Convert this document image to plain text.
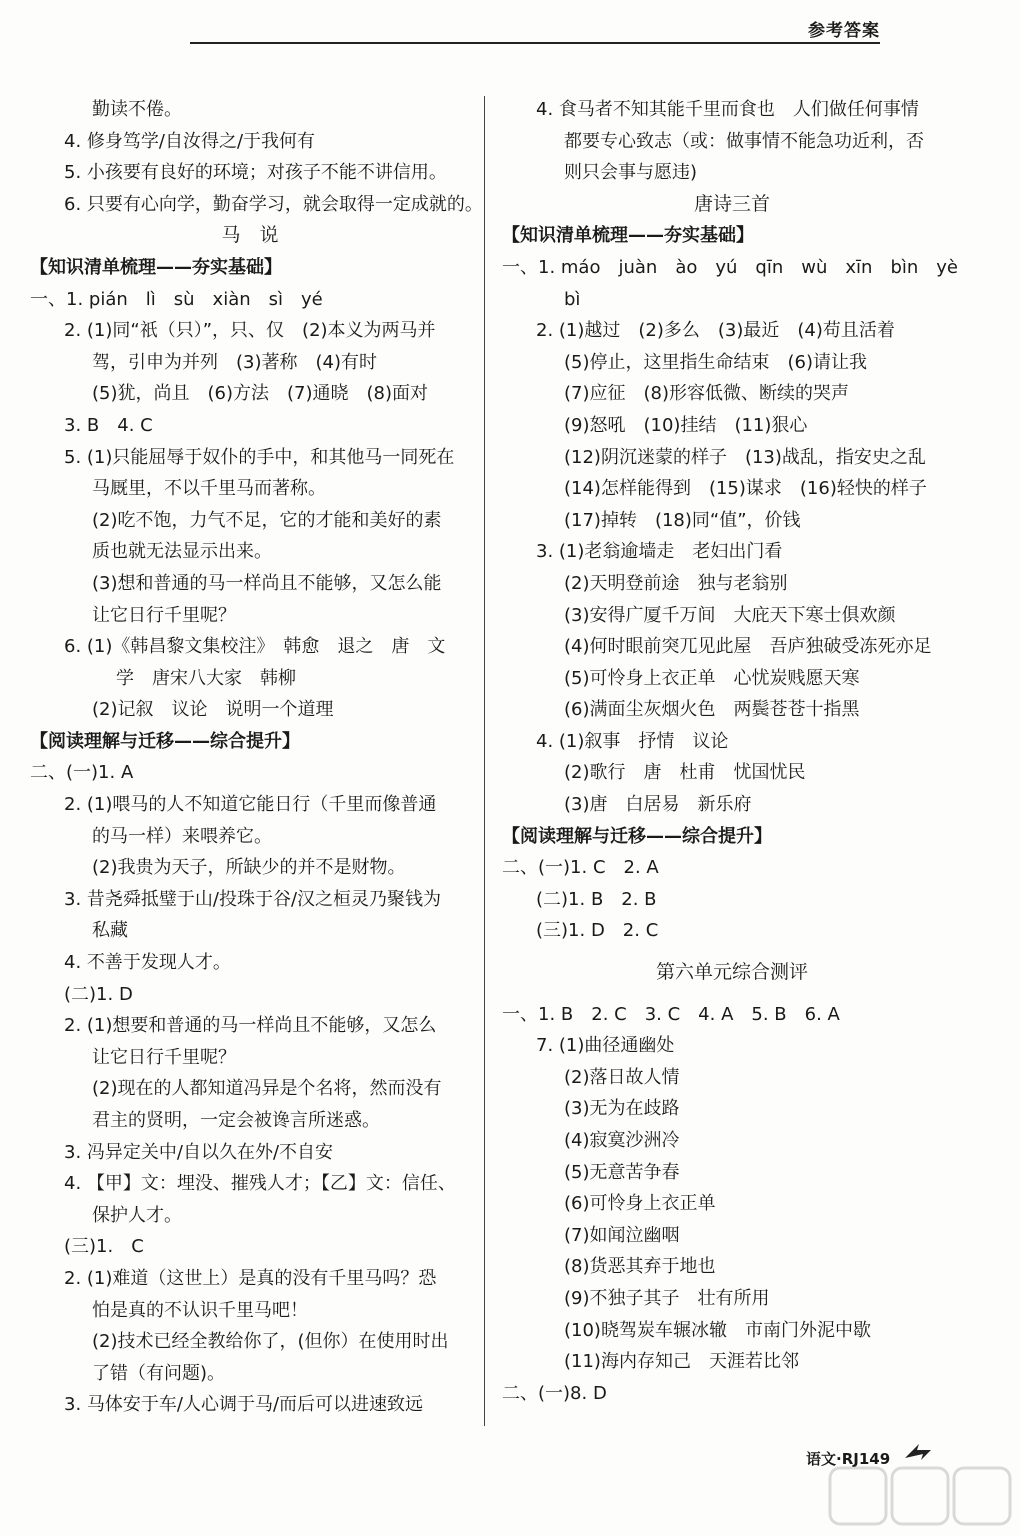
参考答案
勤读不倦。
4. 修身笃学/自汝得之/于我何有
5. 小孩要有良好的环境；对孩子不能不讲信用。
6. 只要有心向学，勤奋学习，就会取得一定成就的。
马　说
【知识清单梳理——夯实基础】
一、1. pián　lì　sù　xiàn　sì　yé
2. (1)同“祇（只）”，只、仅　(2)本义为两马并
驾，引申为并列　(3)著称　(4)有时
(5)犹，尚且　(6)方法　(7)通晓　(8)面对
3. B　4. C
5. (1)只能屈辱于奴仆的手中，和其他马一同死在
马厩里，不以千里马而著称。
(2)吃不饱，力气不足，它的才能和美好的素
质也就无法显示出来。
(3)想和普通的马一样尚且不能够，又怎么能
让它日行千里呢？
6. (1)《韩昌黎文集校注》　韩愈　退之　唐　文
学　唐宋八大家　韩柳
(2)记叙　议论　说明一个道理
【阅读理解与迁移——综合提升】
二、(一)1. A
2. (1)喂马的人不知道它能日行（千里而像普通
的马一样）来喂养它。
(2)我贵为天子，所缺少的并不是财物。
3. 昔尧舜抵璧于山/投珠于谷/汉之桓灵乃聚钱为
私藏
4. 不善于发现人才。
(二)1. D
2. (1)想要和普通的马一样尚且不能够，又怎么
让它日行千里呢？
(2)现在的人都知道冯异是个名将，然而没有
君主的贤明，一定会被谗言所迷惑。
3. 冯异定关中/自以久在外/不自安
4. 【甲】文：埋没、摧残人才；【乙】文：信任、
保护人才。
(三)1.　C
2. (1)难道（这世上）是真的没有千里马吗？恐
怕是真的不认识千里马吧！
(2)技术已经全教给你了，(但你）在使用时出
了错（有问题)。
3. 马体安于车/人心调于马/而后可以进速致远
4. 食马者不知其能千里而食也　人们做任何事情
都要专心致志（或：做事情不能急功近利，否
则只会事与愿违)
唐诗三首
【知识清单梳理——夯实基础】
一、1. máo　juàn　ào　yú　qīn　wù　xīn　bìn　yè
bì
2. (1)越过　(2)多么　(3)最近　(4)苟且活着
(5)停止，这里指生命结束　(6)请让我
(7)应征　(8)形容低微、断续的哭声
(9)怒吼　(10)挂结　(11)狠心
(12)阴沉迷蒙的样子　(13)战乱，指安史之乱
(14)怎样能得到　(15)谋求　(16)轻快的样子
(17)掉转　(18)同“值”，价钱
3. (1)老翁逾墙走　老妇出门看
(2)天明登前途　独与老翁别
(3)安得广厦千万间　大庇天下寒士俱欢颜
(4)何时眼前突兀见此屋　吾庐独破受冻死亦足
(5)可怜身上衣正单　心忧炭贱愿天寒
(6)满面尘灰烟火色　两鬓苍苍十指黑
4. (1)叙事　抒情　议论
(2)歌行　唐　杜甫　忧国忧民
(3)唐　白居易　新乐府
【阅读理解与迁移——综合提升】
二、(一)1. C　2. A
(二)1. B　2. B
(三)1. D　2. C
第六单元综合测评
一、1. B　2. C　3. C　4. A　5. B　6. A
7. (1)曲径通幽处
(2)落日故人情
(3)无为在歧路
(4)寂寞沙洲冷
(5)无意苦争春
(6)可怜身上衣正单
(7)如闻泣幽咽
(8)货恶其弃于地也
(9)不独子其子　壮有所用
(10)晓驾炭车辗冰辙　市南门外泥中歇
(11)海内存知己　天涯若比邻
二、(一)8. D
语文·RJ149
